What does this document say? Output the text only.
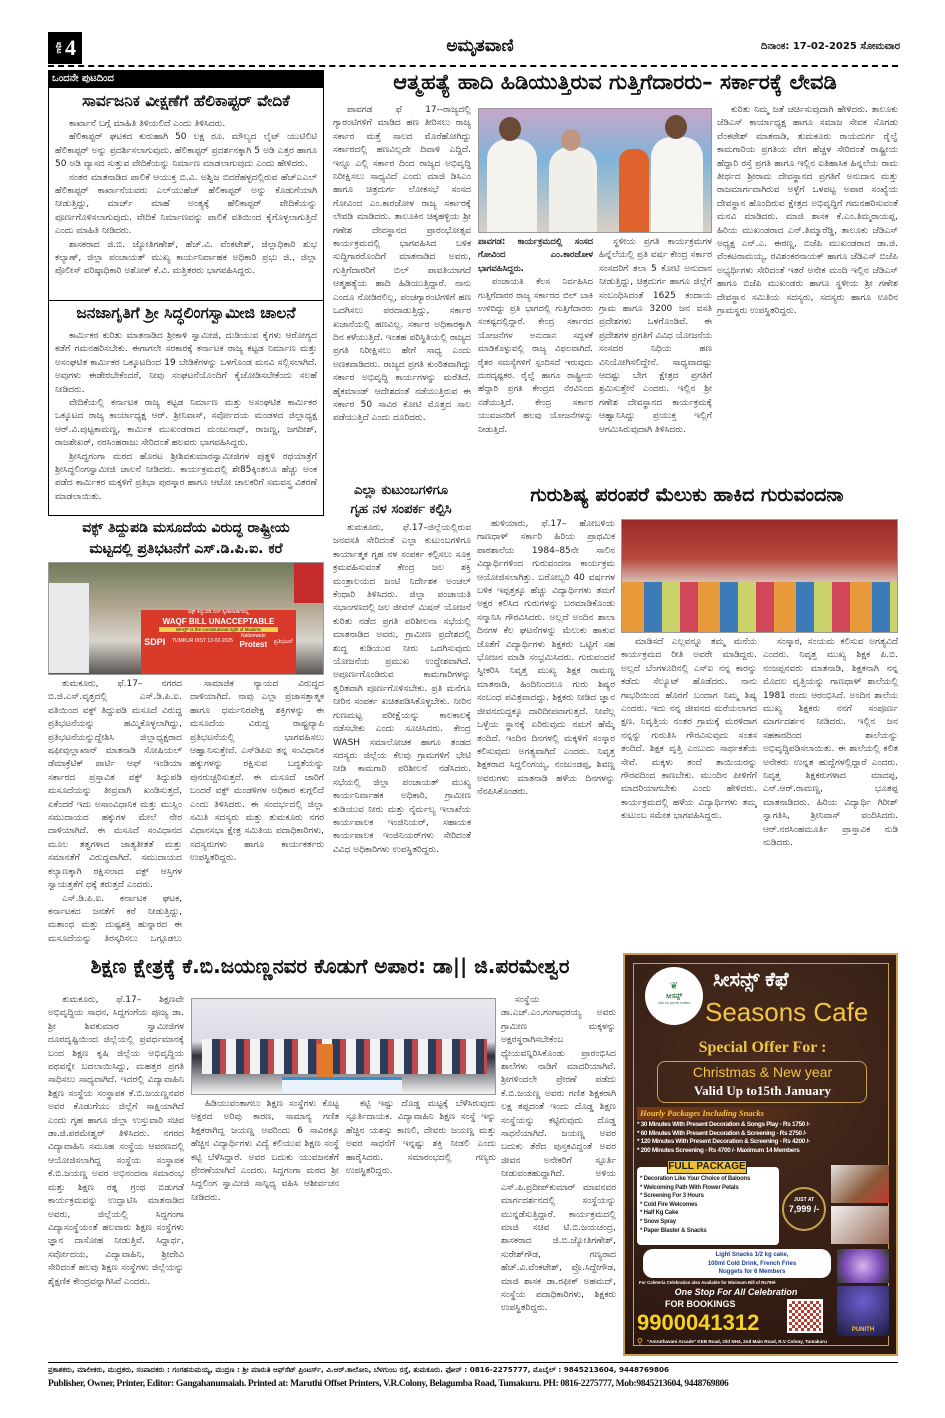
ಪುಟ 4	ಅಮೃತವಾಣಿ	ದಿನಾಂಕ: 17-02-2025 ಸೋಮವಾರ
ಒಂದನೇ ಪುಟದಿಂದ
ಸಾರ್ವಜನಿಕ ವೀಕ್ಷಣೆಗೆ ಹೆಲಿಕಾಪ್ಟರ್ ವೇದಿಕೆ

ಕಾರ್ಖಾನೆ ಬಗ್ಗೆ ಮಾಹಿತಿ ತಿಳಿಯಲಿದೆ ಎಂದು ತಿಳಿಸಿದರು.

ಹೆಲಿಕಾಪ್ಟರ್ ಘಟಕದ ಕುರುಹಾಗಿ 50 ಲಕ್ಷ ರೂ. ಮೌಲ್ಯದ ಲೈಟ್ ಯುಟಿಲಿಟಿ ಹೆಲಿಕಾಪ್ಟರ್ ಅನ್ನು ಪ್ರದರ್ಶಿಸಲಾಗುವುದು. ಹೆಲಿಕಾಪ್ಟರ್ ಪ್ರದರ್ಶನಕ್ಕಾಗಿ 5 ಅಡಿ ಎತ್ತರ ಹಾಗೂ 50 ಅಡಿ ವ್ಯಾಸದ ಸುತ್ತುವ ವೇದಿಕೆಯನ್ನು ನಿರ್ಮಾಣ ಮಾಡಲಾಗುವುದು ಎಂದು ಹೇಳಿದರು.

ನಂತರ ಮಾತನಾಡಿದ ಪಾಲಿಕೆ ಆಯುಕ್ತ ಬಿ.ವಿ. ಅಶ್ವಿಜ ಬಿದರೆಹಳ್ಳದಲ್ಲಿರುವ ಹೆಚ್‌ಎಎಲ್ ಹೆಲಿಕಾಪ್ಟರ್ ಕಾರ್ಖಾನೆಯವರು ಎಲ್‌ಯುಹೆಚ್ ಹೆಲಿಕಾಪ್ಟರ್ ಅನ್ನು ಕೊಡುಗೆಯಾಗಿ ನೀಡುತ್ತಿದ್ದು, ಮಾರ್ಚ್ ಮಾಹೆ ಅಂತ್ಯಕ್ಕೆ ಹೆಲಿಕಾಪ್ಟರ್ ವೇದಿಕೆಯನ್ನು ಪೂರ್ಣಗೊಳಿಸಲಾಗುವುದು. ವೇದಿಕೆ ನಿರ್ಮಾಣವನ್ನು ಪಾಲಿಕೆ ವತಿಯಿಂದ ಕೈಗೊಳ್ಳಲಾಗುತ್ತಿದೆ ಎಂದು ಮಾಹಿತಿ ನೀಡಿದರು.

ಶಾಸಕರಾದ ಜಿ.ಬಿ. ಜ್ಯೋತಿಗಣೇಶ್, ಹೆಚ್.ವಿ. ವೆಂಕಟೇಶ್, ಜಿಲ್ಲಾಧಿಕಾರಿ ಶುಭ ಕಲ್ಯಾಣ್, ಜಿಲ್ಲಾ ಪಂಚಾಯತ್ ಮುಖ್ಯ ಕಾರ್ಯನಿರ್ವಾಹಕ ಅಧಿಕಾರಿ ಪ್ರಭು ಜಿ., ಜಿಲ್ಲಾ ಪೊಲೀಸ್ ವರಿಷ್ಠಾಧಿಕಾರಿ ಅಶೋಕ್ ಕೆ.ವಿ. ಮತ್ತಿತರರು ಭಾಗವಹಿಸಿದ್ದರು.

ಜನಜಾಗೃತಿಗೆ ಶ್ರೀ ಸಿದ್ಧಲಿಂಗಸ್ವಾಮೀಜಿ ಚಾಲನೆ

ಕಾರ್ಮಿಕರ ಕುರಿತು ಮಾತನಾಡಿದ ಶ್ರೀಕಾಳಿ ಸ್ವಾಮೀಜಿ, ದುಡಿಯುವ ಕೈಗಳು ಆರೋಗ್ಯದ ಕಡೆಗೆ ಗಮನಹರಿಸಬೇಕು. ಈಗಾಗಲೇ ಸರಕಾರಕ್ಕೆ ಕರ್ನಾಟಕ ರಾಜ್ಯ ಕಟ್ಟಡ ನಿರ್ಮಾಣ ಮತ್ತು ಅಸಂಘಟಿತ ಕಾರ್ಮಿಕರ ಒಕ್ಕೂಟದಿಂದ 19 ಬೇಡಿಕೆಗಳನ್ನು ಒಳಗೊಂಡ ಮನವಿ ಸಲ್ಲಿಸಲಾಗಿದೆ. ಅವುಗಳು ಈಡೇರಬೇಕೆಂದರೆ, ನೀವು ಸಂಘಟನೆಯೊಂದಿಗೆ ಕೈಜೋಡಿಸಬೇಕೆಂದು ಸಲಹೆ ನೀಡಿದರು.

ವೇದಿಕೆಯಲ್ಲಿ ಕರ್ನಾಟಕ ರಾಜ್ಯ ಕಟ್ಟಡ ನಿರ್ಮಾಣ ಮತ್ತು ಅಸಂಘಟಿತ ಕಾರ್ಮಿಕರ ಒಕ್ಕೂಟದ ರಾಜ್ಯ ಕಾರ್ಯಾಧ್ಯಕ್ಷ ಆರ್. ಶ್ರೀನಿವಾಸ್, ಸರ್ವೋದಯ ಮಂಡಳದ ಜಿಲ್ಲಾಧ್ಯಕ್ಷ ಆರ್.ವಿ.ಪುಟ್ಟಕಾಮಣ್ಣ, ಕಾರ್ಮಿಕ ಮುಖಂಡರಾದ ಮಂಜುನಾಥ್, ರಾಜಣ್ಣ, ಜಗದೀಶ್, ರಾಜಶೇಖರ್, ನರಸಿಂಹರಾಜು ಸೇರಿದಂತೆ ಹಲವರು ಭಾಗವಹಿಸಿದ್ದರು.

ಶ್ರೀಸಿದ್ಧಗಂಗಾ ಮಠದ ಹೊರಟ ಶ್ರೀಶಿವಕುಮಾರಸ್ವಾಮೀಜಿಗಳ ಪುತ್ಥಳಿ ರಥಯಾತ್ರೆಗೆ ಶ್ರೀಸಿದ್ಧಲಿಂಗಸ್ವಾಮೀಜಿ ಚಾಲನೆ ನೀಡಿದರು. ಕಾರ್ಯಕ್ರಮದಲ್ಲಿ ಶೇ85ಕ್ಕಿಂತಲೂ ಹೆಚ್ಚು ಅಂಕ ಪಡೆದ ಕಾರ್ಮಿಕರ ಮಕ್ಕಳಿಗೆ ಪ್ರತಿಭಾ ಪುರಸ್ಕಾರ ಹಾಗೂ ಆಟೋ ಚಾಲಕರಿಗೆ ಸಮವಸ್ತ್ರ ವಿತರಣೆ ಮಾಡಲಾಯಿತು.

ವಕ್ಫ್ ತಿದ್ದುಪಡಿ ಮಸೂದೆಯ ವಿರುದ್ಧ ರಾಷ್ಟ್ರೀಯ
ಮಟ್ಟದಲ್ಲಿ ಪ್ರತಿಭಟನೆಗೆ ಎಸ್.ಡಿ.ಪಿ.ಐ. ಕರೆ
ವಕ್ಫ್ ತಿದ್ದುಪಡಿ ಬಿಲ್ ಸ್ವೀಕಾರಾರ್ಹವಲ್ಲ
WAQF BILL UNACCEPTABLE
WAQF is the constitutional right of Muslims
SDPI TUMKUR DIST 13-02-2025
Nationwide
Protest ಪ್ರತಿಭಟನೆ

ತುಮಕೂರು, ಫೆ.17– ನಗರದ ಬಿ.ಜಿ.ಎಸ್.ವೃತ್ತದಲ್ಲಿ ಎಸ್.ಡಿ.ಪಿ.ಐ. ವತಿಯಿಂದ ವಕ್ಫ್ ತಿದ್ದುಪಡಿ ಮಸೂದೆ ವಿರುದ್ಧ ಪ್ರತಿಭಟನೆಯನ್ನು ಹಮ್ಮಿಕೊಳ್ಳಲಾಗಿದ್ದು, ಪ್ರತಿಭಟನೆಯನ್ನುದ್ದೇಶಿಸಿ ಜಿಲ್ಲಾಧ್ಯಕ್ಷರಾದ ಷಫೀವುಲ್ಲಾಖಾನ್ ಮಾತನಾಡಿ ಸೋಷಿಯಲ್ ಡೆಮಾಕ್ರೆಟಿಕ್ ಪಾರ್ಟಿ ಆಫ್ ಇಂಡಿಯಾ ಸರ್ಕಾರದ ಪ್ರಸ್ತಾವಿತ ವಕ್ಫ್ ತಿದ್ದುಪಡಿ ಮಸೂದೆಯನ್ನು ತೀವ್ರವಾಗಿ ಖಂಡಿಸುತ್ತದೆ, ಏಕೆಂದರೆ ಇದು ಅಸಾಂವಿಧಾನಿಕ ಮತ್ತು ಮುಸ್ಲಿಂ ಸಮುದಾಯದ ಹಕ್ಕುಗಳ ಮೇಲೆ ನೇರ ದಾಳಿಯಾಗಿದೆ. ಈ ಮಸೂದೆ ಸಂವಿಧಾನದ ಮೂಲ ತತ್ವಗಳಾದ ಜಾತ್ಯತೀತತೆ ಮತ್ತು ಸಮಾನತೆಗೆ ವಿರುದ್ಧವಾಗಿದೆ. ಸಮುದಾಯದ ಕಲ್ಯಾಣಕ್ಕಾಗಿ ರಕ್ಷಿಸಲಾದ ವಕ್ಫ್ ಆಸ್ತಿಗಳ ಸ್ವಾಯತ್ತತೆಗೆ ಧಕ್ಕೆ ತರುತ್ತದೆ ಎಂದರು.

ಎಸ್.ಡಿ.ಪಿ.ಐ. ಕರ್ನಾಟಕ ಘಟಕ, ಕರ್ನಾಟಕದ ಜನತೆಗೆ ಕರೆ ನೀಡುತ್ತಿದ್ದು, ಮತಾಂಧ ಮತ್ತು ದುಷ್ಟಶಕ್ತಿ ಹುನ್ನಾರದ ಈ ಮಸೂದೆಯನ್ನು ತಿರಸ್ಕರಿಸಲು ಒಗ್ಗೂಡಲು

ಸಾಮಾಜಿಕ ನ್ಯಾಯದ ವಿರುದ್ಧದ ದಾಳಿಯಾಗಿದೆ. ನಾವು ಎಲ್ಲಾ ಪ್ರಜಾಸತ್ತಾತ್ಮಕ ಹಾಗೂ ಧರ್ಮನಿರಪೇಕ್ಷ ಶಕ್ತಿಗಳನ್ನು ಈ ಮಸೂದೆಯ ವಿರುದ್ಧ ರಾಷ್ಟ್ರವ್ಯಾಪಿ ಪ್ರತಿಭಟನೆಯಲ್ಲಿ ಭಾಗವಹಿಸಲು ಆಹ್ವಾನಿಸುತ್ತೇವೆ. ಎಸ್‌ಡಿಪಿಐ ತನ್ನ ಸಂವಿಧಾನಿಕ ಹಕ್ಕುಗಳನ್ನು ರಕ್ಷಿಸುವ ಬದ್ಧತೆಯನ್ನು ಪುನರುಚ್ಚರಿಸುತ್ತದೆ. ಈ ಮಸೂದೆ ಜಾರಿಗೆ ಬಂದರೆ ವಕ್ಫ್ ಮಂಡಳಿಗಳ ಅಧಿಕಾರ ಕುಗ್ಗಲಿದೆ ಎಂದು ತಿಳಿಸಿದರು. ಈ ಸಂದರ್ಭದಲ್ಲಿ ಜಿಲ್ಲಾ ಸಮಿತಿ ಸದಸ್ಯರು ಮತ್ತು ತುಮಕೂರು ನಗರ ವಿಧಾನಸಭಾ ಕ್ಷೇತ್ರ ಸಮಿತಿಯ ಪದಾಧಿಕಾರಿಗಳು, ಸದಸ್ಯರುಗಳು ಹಾಗೂ ಕಾರ್ಯಕರ್ತರು ಉಪಸ್ಥಿತರಿದ್ದರು.

ಆತ್ಮಹತ್ಯೆ ಹಾದಿ ಹಿಡಿಯುತ್ತಿರುವ ಗುತ್ತಿಗೆದಾರರು– ಸರ್ಕಾರಕ್ಕೆ ಲೇವಡಿ

ಪಾವಗಡ ಫೆ 17--ರಾಜ್ಯದಲ್ಲಿ ಗ್ಯಾರಂಟಿಗಳಿಗೆ ಮಾಡಿದ ಹಣ ತೀರಿಸಲು ರಾಜ್ಯ ಸರ್ಕಾರ ಮತ್ತೆ ಸಾಲದ ಮೊರೆಹೋಗಿದ್ದು ಸರ್ಕಾರದಲ್ಲಿ ಹಣವಿಲ್ಲದೇ ದಿವಾಳಿ ಎದ್ದಿದೆ. ಇನ್ನೂ ಎಲ್ಲಿ ಸರ್ಕಾರ ದಿಂದ ರಾಜ್ಯದ ಅಭಿವೃದ್ಧಿ ನಿರೀಕ್ಷಿಸಲು ಸಾಧ್ಯವಿದೆ ಎಂದು ಮಾಜಿ ಡಿಸಿಎಂ ಹಾಗೂ ಚಿತ್ರದುರ್ಗ ಲೋಕಸಭೆ ಸಂಸದ ಗೋವಿಂದ ಎಂ.ಕಾರಜೋಳ ರಾಜ್ಯ ಸರ್ಕಾರಕ್ಕೆ ಲೇವಡಿ ಮಾಡಿದರು. ತಾಲೂಕಿನ ಚಿಕ್ಕಹಳ್ಳಿಯ ಶ್ರೀ ಗಣೇಶ ದೇವಸ್ಥಾನದ ಪ್ರಾರಂಭೋತ್ಸವ ಕಾರ್ಯಕ್ರಮದಲ್ಲಿ ಭಾಗವಹಿಸಿದ ಬಳಿಕ ಸುದ್ದಿಗಾರರೊಂದಿಗೆ ಮಾತನಾಡಿದ ಅವರು, ಗುತ್ತಿಗೆದಾರರಿಗೆ ಬಿಲ್ ಪಾವತಿಯಾಗದೆ ಆತ್ಮಹತ್ಯೆಯ ಹಾದಿ ಹಿಡಿಯುತ್ತಿದ್ದಾರೆ. ನಾನು ಎಂದೂ ನೋಡಿರಲಿಲ್ಲ, ಪಂಚಗ್ಯಾರಂಟಿಗಳಿಗೆ ಹಣ ಒದಗಿಸಲು ಪರದಾಡುತ್ತಿದ್ದು, ಸರ್ಕಾರ ಖಜಾನೆಯಲ್ಲಿ ಹಣವಿಲ್ಲ. ಸರ್ಕಾರ ಅಧಿಕಾರಕ್ಕಾಗಿ ದಿನ ಕಳೆಯುತ್ತಿದೆ. ಇಂತಹ ಪರಿಸ್ಥಿತಿಯಲ್ಲಿ ರಾಜ್ಯದ ಪ್ರಗತಿ ನಿರೀಕ್ಷಿಸಲು ಹೇಗೆ ಸಾಧ್ಯ ಎಂದು ಅಣಕವಾಡಿದರು. ರಾಜ್ಯದ ಪ್ರಗತಿ ಕುಂಠಿತವಾಗಿದ್ದು ಸರ್ಕಾರ ಅಭಿವೃದ್ಧಿ ಕಾರ್ಯಗಳನ್ನು ಮರೆತಿದೆ. ಹೈಕಮಾಂಡ್ ಆದೇಶದಂತೆ ನಡೆಯುತ್ತಿರುವ ಈ ಸರ್ಕಾರ 50 ಸಾವಿರ ಕೋಟಿ ಮೊತ್ತದ ಸಾಲ ಪಡೆಯುತ್ತಿದೆ ಎಂದು ದೂರಿದರು.

ಪಾವಗಡ: ಕಾರ್ಯಕ್ರಮದಲ್ಲಿ ಸಂಸದ ಗೋವಿಂದ ಎಂ.ಕಾರಜೋಳ ಭಾಗವಹಿಸಿದ್ದರು.

ಪಂಚಾಯತಿ ಕೆಲಸ ನಿರ್ವಹಿಸಿದ ಗುತ್ತಿಗೆದಾರರ ರಾಜ್ಯ ಸರ್ಕಾರದ ಬಿಲ್ ಬಾಕಿ ಉಳಿದಿದ್ದು ಪ್ರತಿ ಭಾಗದಲ್ಲಿ ಗುತ್ತಿಗೆದಾರರು ಸಂಕಷ್ಟದಲ್ಲಿದ್ದಾರೆ. ಕೇಂದ್ರ ಸರ್ಕಾರದ ಯೋಜನೆಗಳ ಅನುದಾನ ಸದ್ಬಳಕೆ ಮಾಡಿಕೊಳ್ಳುವಲ್ಲಿ ರಾಜ್ಯ ವಿಫಲವಾಗಿದೆ. ರೈತರ ಸಮಸ್ಯೆಗಳಿಗೆ ಸ್ಪಂದಿಸದೆ ಇರುವುದು ದುರದೃಷ್ಟಕರ. ರೈಲ್ವೆ ಹಾಗೂ ರಾಷ್ಟ್ರೀಯ ಹೆದ್ದಾರಿ ಪ್ರಗತಿ ಕೇಂದ್ರದ ನೆರವಿನಿಂದ ನಡೆಯುತ್ತಿದೆ. ಕೇಂದ್ರ ಸರ್ಕಾರ ಯುವಜನರಿಗೆ ಹಲವು ಯೋಜನೆಗಳನ್ನು ನೀಡುತ್ತಿದೆ.

ಸ್ಥಳೀಯ ಪ್ರಗತಿ ಕಾರ್ಯಕ್ರಮಗಳ ಹಿನ್ನೆಲೆಯಲ್ಲಿ ಪ್ರತಿ ವರ್ಷ ಕೇಂದ್ರ ಸರ್ಕಾರ ಸಂಸದರಿಗೆ ತಲಾ 5 ಕೋಟಿ ಅನುದಾನ ನೀಡುತ್ತಿದ್ದು, ಚಿತ್ರದುರ್ಗ ಹಾಗೂ ಜಿಲ್ಲೆಗೆ ಸಂಬಂಧಿಸಿದಂತೆ 1625 ಕಂದಾಯ ಗ್ರಾಮ ಹಾಗೂ 3200 ಜನ ವಸತಿ ಪ್ರದೇಶಗಳು ಒಳಗೊಂಡಿವೆ. ಈ ಪ್ರದೇಶಗಳ ಪ್ರಗತಿಗೆ ವಿವಿಧ ಯೋಜನೆಯ ಸಂಸದರ ನಿಧಿಯ ಹಣ ವಿನಿಯೋಗಿಸಲಿದ್ದೇನೆ. ಸಾಧ್ಯವಾದಷ್ಟು ಆದಷ್ಟು ಬೇಗ ಕ್ಷೇತ್ರದ ಪ್ರಗತಿಗೆ ಶ್ರಮಿಸುತ್ತೇನೆ ಎಂದರು. ಇಲ್ಲಿನ ಶ್ರೀ ಗಣೇಶ ದೇವಸ್ಥಾನದ ಕಾರ್ಯಕ್ರಮಕ್ಕೆ ಆಹ್ವಾನಿಸಿದ್ದು ಪ್ರಯುಕ್ತ ಇಲ್ಲಿಗೆ ಆಗಮಿಸಿರುವುದಾಗಿ ತಿಳಿಸಿದರು.

ಕುರಿತು ನಿಮ್ಮ ಜತೆ ಚರ್ಚಿಸುವುದಾಗಿ ಹೇಳಿದರು. ತಾಲೂಕು ಜೆಡಿಎಸ್ ಕಾರ್ಯಾಧ್ಯಕ್ಷ ಹಾಗೂ ಸಮಾಜ ಸೇವಕ ಸೊಗಡು ವೆಂಕಟೇಶ್ ಮಾತನಾಡಿ, ತುಮಕೂರು ರಾಯದುರ್ಗ ರೈಲ್ವೆ ಕಾಮಗಾರಿಯ ಪ್ರಗತಿಯ ವೇಗ ಹೆಚ್ಚಳ ಸೇರಿದಂತೆ ರಾಷ್ಟ್ರೀಯ ಹೆದ್ದಾರಿ ರಸ್ತೆ ಪ್ರಗತಿ ಹಾಗೂ ಇಲ್ಲಿನ ಐತಿಹಾಸಿಕ ಹಿನ್ನಲೆಯ ರಾಮ ತೀರ್ಥದ ಶ್ರೀರಾಮ ದೇವಸ್ಥಾನದ ಪ್ರಗತಿಗೆ ಅನುದಾನ ಮತ್ತು ರಾಜಮಾರ್ಗವಾಗಿರುವ ಅಳ್ಳೆಗೆ ಒಳಪಟ್ಟ ಅಪಾರ ಸಂಖ್ಯೆಯ ದೇವಸ್ಥಾನ ಹೊಂದಿರುವ ಕ್ಷೇತ್ರದ ಅಭಿವೃದ್ಧಿಗೆ ಗಮನಹರಿಸುವಂತೆ ಮನವಿ ಮಾಡಿದರು. ಮಾಜಿ ಶಾಸಕ ಕೆ.ಎಂ.ತಿಮ್ಮರಾಯಪ್ಪ, ಹಿರಿಯ ಮುಖಂಡರಾದ ಎನ್.ತಿಮ್ಮಾರೆಡ್ಡಿ, ತಾಲೂಕು ಜೆಡಿಎಸ್ ಅಧ್ಯಕ್ಷ ಎನ್.ಎ. ಈರಣ್ಣ, ಬಿಜೆಪಿ ಮುಖಂಡರಾದ ಡಾ.ಜಿ. ವೆಂಕಟರಾಮಯ್ಯ, ರವಿಶಂಕರನಾಯಕ್ ಹಾಗೂ ಜೆಡಿಎಸ್ ಬಿಜೆಪಿ ಅಭ್ಯರ್ಥಿಗಳು ಸೇರಿದಂತೆ ಇತರೆ ಅನೇಕ ಮಂದಿ ಇಲ್ಲಿನ ಜೆಡಿಎಸ್ ಹಾಗೂ ಬಿಜೆಪಿ ಮುಖಂಡರು ಹಾಗೂ ಸ್ಥಳೀಯ ಶ್ರೀ ಗಣೇಶ ದೇವಸ್ಥಾನ ಸಮಿತಿಯ ಸದಸ್ಯರು, ಸದಸ್ಯರು ಹಾಗೂ ಊರಿನ ಗ್ರಾಮಸ್ಥರು ಉಪಸ್ಥಿತರಿದ್ದರು.

ಎಲ್ಲಾ ಕುಟುಂಬಗಳಿಗೂ
ಗೃಹ ನಳ ಸಂಪರ್ಕ ಕಲ್ಪಿಸಿ

ತುಮಕೂರು, ಫೆ.17–ಜಿಲ್ಲೆಯಲ್ಲಿರುವ ಜನವಸತಿ ಸೇರಿದಂತೆ ಎಲ್ಲಾ ಕುಟುಂಬಗಳಿಗೂ ಕಾರ್ಯಾತ್ಮಕ ಗೃಹ ನಳ ಸಂಪರ್ಕ ಕಲ್ಪಿಸಲು ಸೂಕ್ತ ಕ್ರಮವಹಿಸುವಂತೆ ಕೇಂದ್ರ ಜಲ ಶಕ್ತಿ ಮಂತ್ರಾಲಯದ ಜಂಟಿ ನಿರ್ದೇಶಕ ಅಂಚಲ್ ಕೆಂಧಾರಿ ತಿಳಿಸಿದರು. ಜಿಲ್ಲಾ ಪಂಚಾಯತಿ ಸಭಾಂಗಣದಲ್ಲಿ ಜಲ ಜೀವನ್ ಮಿಷನ್ ಯೋಜನೆ ಕುರಿತು ನಡೆದ ಪ್ರಗತಿ ಪರಿಶೀಲನಾ ಸಭೆಯಲ್ಲಿ ಮಾತನಾಡಿದ ಅವರು, ಗ್ರಾಮೀಣ ಪ್ರದೇಶದಲ್ಲಿ ಶುದ್ಧ ಕುಡಿಯುವ ನೀರು ಒದಗಿಸುವುದು ಯೋಜನೆಯ ಪ್ರಮುಖ ಉದ್ದೇಶವಾಗಿದೆ. ಅಪೂರ್ಣಗೊಂಡಿರುವ ಕಾಮಗಾರಿಗಳನ್ನು ತ್ವರಿತವಾಗಿ ಪೂರ್ಣಗೊಳಿಸಬೇಕು. ಪ್ರತಿ ಮನೆಗೂ ನೀರಿನ ಸಂಪರ್ಕ ಖಚಿತಪಡಿಸಿಕೊಳ್ಳಬೇಕು. ನೀರಿನ ಗುಣಮಟ್ಟ ಪರೀಕ್ಷೆಯನ್ನು ಕಾಲಕಾಲಕ್ಕೆ ನಡೆಸಬೇಕು ಎಂದು ಸೂಚಿಸಿದರು. ಕೇಂದ್ರ WASH ಸಮಾಲೋಚಕ ಹಾಗೂ ತಂಡದ ಸದಸ್ಯರು ಜಿಲ್ಲೆಯ ಕೆಲವು ಗ್ರಾಮಗಳಿಗೆ ಭೇಟಿ ನೀಡಿ ಕಾಮಗಾರಿ ಪರಿಶೀಲನೆ ನಡೆಸಿದರು. ಸಭೆಯಲ್ಲಿ ಜಿಲ್ಲಾ ಪಂಚಾಯತ್ ಮುಖ್ಯ ಕಾರ್ಯನಿರ್ವಾಹಕ ಅಧಿಕಾರಿ, ಗ್ರಾಮೀಣ ಕುಡಿಯುವ ನೀರು ಮತ್ತು ನೈರ್ಮಲ್ಯ ಇಲಾಖೆಯ ಕಾರ್ಯಪಾಲಕ ಇಂಜಿನಿಯರ್, ಸಹಾಯಕ ಕಾರ್ಯಪಾಲಕ ಇಂಜಿನಿಯರ್‌ಗಳು ಸೇರಿದಂತೆ ವಿವಿಧ ಅಧಿಕಾರಿಗಳು ಉಪಸ್ಥಿತರಿದ್ದರು.

ಗುರುಶಿಷ್ಯ ಪರಂಪರೆ ಮೆಲುಕು ಹಾಕಿದ ಗುರುವಂದನಾ

ಹುಳಿಯಾರು, ಫೆ.17– ಹೋಬಳಿಯ ಗಾಣಧಾಳ್ ಸರ್ಕಾರಿ ಹಿರಿಯ ಪ್ರಾಥಮಿಕ ಪಾಠಶಾಲೆಯ 1984–85ನೇ ಸಾಲಿನ ವಿದ್ಯಾರ್ಥಿಗಳಿಂದ ಗುರುವಂದನಾ ಕಾರ್ಯಕ್ರಮ ಆಯೋಜಿಸಲಾಗಿತ್ತು. ಬರೋಬ್ಬರಿ 40 ವರ್ಷಗಳ ಬಳಿಕ ಇಪ್ಪತ್ತಕ್ಕೂ ಹೆಚ್ಚು ವಿದ್ಯಾರ್ಥಿಗಳು ತಮಗೆ ಅಕ್ಷರ ಕಲಿಸಿದ ಗುರುಗಳನ್ನು ಬರಮಾಡಿಕೊಂಡು ಸನ್ಮಾನಿಸಿ ಗೌರವಿಸಿದರು. ಅಲ್ಲದೆ ಅಂದಿನ ಶಾಲಾ ದಿನಗಳ ಕೆಲ ಘಟನೆಗಳನ್ನು ಮೆಲುಕು ಹಾಕುವ ಜೊತೆಗೆ ವಿದ್ಯಾರ್ಥಿಗಳು ಶಿಕ್ಷಕರು ಒಟ್ಟಿಗೆ ಸಹ ಭೋಜನ ಮಾಡಿ ಸಂಭ್ರಮಿಸಿದರು. ಗುರುವಂದನೆ ಸ್ವೀಕರಿಸಿ ನಿವೃತ್ತ ಮುಖ್ಯ ಶಿಕ್ಷಕ ರಾಮಣ್ಣ ಮಾತನಾಡಿ, ಹಿಂದಿನಿಂದಲೂ ಗುರು ಶಿಷ್ಯರ ಸಂಬಂಧ ಪವಿತ್ರವಾದದ್ದು. ಶಿಕ್ಷಕರು ನೀಡಿದ ಜ್ಞಾನ ಜೀವನದುದ್ದಕ್ಕೂ ದಾರಿದೀಪವಾಗುತ್ತದೆ. ನೀವೆಲ್ಲ ಒಳ್ಳೆಯ ಸ್ಥಾನಕ್ಕೆ ಏರಿರುವುದು ನಮಗೆ ಹೆಮ್ಮೆ ತಂದಿದೆ. ಇಂದಿನ ದಿನಗಳಲ್ಲಿ ಮಕ್ಕಳಿಗೆ ಸಂಸ್ಕಾರ ಕಲಿಸುವುದು ಅಗತ್ಯವಾಗಿದೆ ಎಂದರು. ನಿವೃತ್ತ ಶಿಕ್ಷಕರಾದ ಸಿದ್ದಲಿಂಗಯ್ಯ, ನಂಜುಂಡಪ್ಪ, ಶಿವಣ್ಣ ಅವರುಗಳು ಮಾತನಾಡಿ ಹಳೆಯ ದಿನಗಳನ್ನು ನೆನಪಿಸಿಕೊಂಡರು.

ಮಾಡಿಸದೆ ಎಲ್ಲವನ್ನೂ ತಮ್ಮ ಮನೆಯ ಕಾರ್ಯಕ್ರಮದ ರೀತಿ ಅವರೇ ಮಾಡಿದ್ದರು. ಅಲ್ಲದೆ ಬೆಂಗಳೂರಿನಲ್ಲಿ ಎಸ್‌ಐ ನನ್ನ ಕಾರನ್ನು ಕಡೆದು ಸೆಲ್ಯೂಟ್ ಹೊಡೆದರು. ನಾನು ಗಾಭರಿಯಿಂದ ಹೊರಗೆ ಬಂದಾಗ ನಿಮ್ಮ ಶಿಷ್ಯ ಎಂದರು. ಇದು ನನ್ನ ಜೀವನದ ಮರೆಯಲಾಗದ ಕ್ಷಣ. ನಿವೃತ್ತಿಯ ನಂತರ ಗ್ರಾಮಕ್ಕೆ ಮರಳಿದಾಗ ನನ್ನನ್ನು ಗುರುತಿಸಿ ಗೌರವಿಸುವುದು ಸಂತಸ ತಂದಿದೆ. ಶಿಕ್ಷಕ ವೃತ್ತಿ ಎಂಬುದು ಸಾರ್ಥಕತೆಯ ಸೇವೆ. ಮಕ್ಕಳು ತಂದೆ ತಾಯಿಯರನ್ನು ಗೌರವದಿಂದ ಕಾಣಬೇಕು. ಮುಂದಿನ ಪೀಳಿಗೆಗೆ ಮಾದರಿಯಾಗಬೇಕು ಎಂದು ಹೇಳಿದರು. ಕಾರ್ಯಕ್ರಮದಲ್ಲಿ ಹಳೆಯ ವಿದ್ಯಾರ್ಥಿಗಳು ತಮ್ಮ ಕುಟುಂಬ ಸಮೇತ ಭಾಗವಹಿಸಿದ್ದರು.

ಸಂಸ್ಕಾರ, ಸಂಯಮ ಕಲಿಸುವ ಅಗತ್ಯವಿದೆ ಎಂದರು. ನಿವೃತ್ತ ಮುಖ್ಯ ಶಿಕ್ಷಕ ಪಿ.ಬಿ. ನಂಜಪ್ಪನವರು ಮಾತನಾಡಿ, ಶಿಕ್ಷಕನಾಗಿ ನನ್ನ ಮೊದಲ ವೃತ್ತಿಯನ್ನು ಗಾಣಧಾಳ್ ಶಾಲೆಯಲ್ಲಿ 1981 ರಂದು ಆರಂಭಿಸಿದೆ. ಅಂದಿನ ಶಾಲೆಯ ಮುಖ್ಯ ಶಿಕ್ಷಕರು ನನಗೆ ಸಂಪೂರ್ಣ ಮಾರ್ಗದರ್ಶನ ನೀಡಿದರು. ಇಲ್ಲಿನ ಜನ ಸಹಕಾರದಿಂದ ಶಾಲೆಯನ್ನು ಅಭಿವೃದ್ಧಿಪಡಿಸಲಾಯಿತು. ಈ ಶಾಲೆಯಲ್ಲಿ ಕಲಿತ ಅನೇಕರು ಉನ್ನತ ಹುದ್ದೆಗಳಲ್ಲಿದ್ದಾರೆ ಎಂದರು. ನಿವೃತ್ತ ಶಿಕ್ಷಕರುಗಳಾದ ಮಾದಪ್ಪ, ಎನ್.ಆರ್.ರಾಮಣ್ಣ, ಭೂತಪ್ಪ ಮಾತನಾಡಿದರು. ಹಿರಿಯ ವಿದ್ಯಾರ್ಥಿ ಗಿರೀಶ್ ಸ್ವಾಗತಿಸಿ, ಶ್ರೀನಿವಾಸ್ ವಂದಿಸಿದರು. ಆರ್.ನರಸಿಂಹಮೂರ್ತಿ ಪ್ರಾಸ್ತಾವಿಕ ನುಡಿ ನುಡಿದರು.

ಶಿಕ್ಷಣ ಕ್ಷೇತ್ರಕ್ಕೆ ಕೆ.ಬಿ.ಜಯಣ್ಣನವರ ಕೊಡುಗೆ ಅಪಾರ: ಡಾ|| ಜಿ.ಪರಮೇಶ್ವರ

ತುಮಕೂರು, ಫೆ.17– ಶಿಕ್ಷಣವೇ ಅಭಿವೃದ್ಧಿಯ ಸಾಧನ, ಸಿದ್ದಗಂಗೆಯ ಪೂಜ್ಯ ಡಾ. ಶ್ರೀ ಶಿವಕುಮಾರ ಸ್ವಾಮೀಜಿಗಳ ದೂರದೃಷ್ಟಿಯಿಂದ ಜಿಲ್ಲೆಯಲ್ಲಿ ಪ್ರವರ್ಧಮಾನಕ್ಕೆ ಬಂದ ಶಿಕ್ಷಣ ಕೃಷಿ ಜಿಲ್ಲೆಯ ಅಭಿವೃದ್ಧಿಯ ಪಥವನ್ನೇ ಬದಲಾಯಿಸಿದ್ದು, ಮಹತ್ತರ ಪ್ರಗತಿ ಸಾಧಿಸಲು ಸಾಧ್ಯವಾಗಿದೆ. ಇದರಲ್ಲಿ ವಿದ್ಯಾವಾಹಿನಿ ಶಿಕ್ಷಣ ಸಂಸ್ಥೆಯ ಸಂಸ್ಥಾಪಕ ಕೆ.ಬಿ.ಜಯಣ್ಣನವರ ಅವರ ಕೊಡುಗೆಯು ಜಿಲ್ಲೆಗೆ ಸಾಕ್ಷಿಯಾಗಿದೆ ಎಂದು ಗೃಹ ಹಾಗೂ ಜಿಲ್ಲಾ ಉಸ್ತುವಾರಿ ಸಚಿವ ಡಾ.ಜಿ.ಪರಮೇಶ್ವರ್ ತಿಳಿಸಿದರು. ನಗರದ ವಿದ್ಯಾವಾಹಿನಿ ಸಮೂಹ ಸಂಸ್ಥೆಯ ಆವರಣದಲ್ಲಿ ಆಯೋಜಿಸಲಾಗಿದ್ದ ಸಂಸ್ಥೆಯ ಸಂಸ್ಥಾಪಕ ಕೆ.ಬಿ.ಜಯಣ್ಣ ಅವರ ಅಭಿನಂದನಾ ಸಮಾರಂಭ ಮತ್ತು ಶಿಕ್ಷಣ ರತ್ನ ಗ್ರಂಥ ಬಿಡುಗಡೆ ಕಾರ್ಯಕ್ರಮವನ್ನು ಉದ್ಘಾಟಿಸಿ ಮಾತನಾಡಿದ ಅವರು, ಜಿಲ್ಲೆಯಲ್ಲಿ ಸಿದ್ದಗಂಗಾ ವಿದ್ಯಾಸಂಸ್ಥೆಯಂತೆ ಹಲವಾರು ಶಿಕ್ಷಣ ಸಂಸ್ಥೆಗಳು ಜ್ಞಾನ ದಾಸೋಹ ನೀಡುತ್ತಿವೆ. ಸಿದ್ದಾರ್ಥ, ಸರ್ವೋದಯ, ವಿದ್ಯಾವಾಹಿನಿ, ಶ್ರೀದೇವಿ ಸೇರಿದಂತೆ ಹಲವು ಶಿಕ್ಷಣ ಸಂಸ್ಥೆಗಳು ಜಿಲ್ಲೆಯನ್ನು ಶೈಕ್ಷಣಿಕ ಕೇಂದ್ರವನ್ನಾಗಿಸಿವೆ ಎಂದರು.

ಹಿಡಿಯುವಂತಾಗಲು ಶಿಕ್ಷಣ ಸಂಸ್ಥೆಗಳು ಕೊಟ್ಟ ಅಕ್ಷರದ ಅರಿವು ಕಾರಣ, ಸಾಮಾನ್ಯ ಗಣಿತ ಶಿಕ್ಷಕರಾಗಿದ್ದ ಜಯಣ್ಣ ಅವರಿಂದು 6 ಸಾವಿರಕ್ಕೂ ಹೆಚ್ಚಿನ ವಿದ್ಯಾರ್ಥಿಗಳು ವಿದ್ಯೆ ಕಲಿಯುವ ಶಿಕ್ಷಣ ಸಂಸ್ಥೆ ಕಟ್ಟಿ ಬೆಳೆಸಿದ್ದಾರೆ. ಅವರ ಬದುಕು ಯುವಜನತೆಗೆ ಪ್ರೇರಣೆಯಾಗಿದೆ ಎಂದರು. ಸಿದ್ದಗಂಗಾ ಮಠದ ಶ್ರೀ ಸಿದ್ದಲಿಂಗ ಸ್ವಾಮೀಜಿ ಸಾನ್ನಿಧ್ಯ ವಹಿಸಿ ಆಶೀರ್ವಚನ ನೀಡಿದರು.

ಕಟ್ಟಿ ಇಷ್ಟು ದೊಡ್ಡ ಮಟ್ಟಕ್ಕೆ ಬೆಳೆಸಿರುವುದು ಸ್ಫೂರ್ತಿದಾಯಕ. ವಿದ್ಯಾವಾಹಿನಿ ಶಿಕ್ಷಣ ಸಂಸ್ಥೆ ಇನ್ನು ಹೆಚ್ಚಿನ ಯಶಸ್ಸು ಕಾಣಲಿ, ದೇವರು ಜಯಣ್ಣ ಮತ್ತು ಅವರ ಸಾಧನೆಗೆ ಇನ್ನಷ್ಟು ಶಕ್ತಿ ನೀಡಲಿ ಎಂದು ಹಾರೈಸಿದರು. ಸಮಾರಂಭದಲ್ಲಿ ಗಣ್ಯರು ಉಪಸ್ಥಿತರಿದ್ದರು.

ಸಂಸ್ಥೆಯ ಡಾ.ಎಚ್.ಎಂ.ಗಂಗಾಧರಯ್ಯ ಅವರು ಗ್ರಾಮೀಣ ಮಕ್ಕಳನ್ನು ಅಕ್ಷರಸ್ಥರಾಗಿಸಬೇಕೆಂಬ ಧ್ಯೇಯವನ್ನಿರಿಸಿಕೊಂಡು ಪ್ರಾರಂಭಿಸಿದ ಶಾಲೆಗಳು ನಾಡಿಗೆ ಮಾದರಿಯಾಗಿವೆ. ಶ್ರೀಗಳಿಂದಲೇ ಪ್ರೇರಣೆ ಪಡೆದು ಕೆ.ಬಿ.ಜಯಣ್ಣ ಅವರು ಗಣಿತ ಶಿಕ್ಷಕರಾಗಿ ಲಕ್ಷ ತಪ್ಪದಂತೆ ಇಂದು ದೊಡ್ಡ ಶಿಕ್ಷಣ ಸಂಸ್ಥೆಯನ್ನು ಕಟ್ಟಿರುವುದು ದೊಡ್ಡ ಸಾಧನೆಯಾಗಿದೆ. ಜಯಣ್ಣ ಅವರ ಬದುಕು ತೆರೆದ ಪುಸ್ತಕವಿದ್ದಂತೆ ಅವರ ಜೀವನ ಅನೇಕರಿಗೆ ಸ್ಫೂರ್ತಿ ನೀಡುವಂತಹುದ್ದಾಗಿದೆ. ಅಳಿಯ ಎಸ್.ಪಿ.ಪ್ರದೀಪ್‌ಕುಮಾರ್ ಮಾವನವರ ಮಾರ್ಗದರ್ಶನದಲ್ಲಿ ಸಂಸ್ಥೆಯನ್ನು ಮುನ್ನಡೆಸುತ್ತಿದ್ದಾರೆ. ಕಾರ್ಯಕ್ರಮದಲ್ಲಿ ಮಾಜಿ ಸಚಿವ ಟಿ.ಬಿ.ಜಯಚಂದ್ರ, ಶಾಸಕರಾದ ಜಿ.ಬಿ.ಜ್ಯೋತಿಗಣೇಶ್, ಸುರೇಶ್‌ಗೌಡ, ಗಣ್ಯರಾದ ಹೆಚ್.ವಿ.ವೆಂಕಟೇಶ್, ಪ್ರೊ.ಸಿದ್ದೇಗೌಡ, ಮಾಜಿ ಶಾಸಕ ಡಾ.ರಫೀಕ್ ಅಹಮದ್, ಸಂಸ್ಥೆಯ ಪದಾಧಿಕಾರಿಗಳು, ಶಿಕ್ಷಕರು ಉಪಸ್ಥಿತರಿದ್ದರು.

❦
ಸೀಸನ್ಸ್
Join us you're invited
ಸೀಸನ್ಸ್ ಕೆಫೆ
Seasons Cafe
Special Offer For :
Christmas & New year
Valid Up to15th January
Hourly Packages Including Snacks
* 30 Minutes With Present Decoration & Songs Play - Rs 1750 /-
* 60 Minutes With Present Decoration & Screening - Rs 2750 /-
* 120 Minutes With Present Decoration & Screening - Rs 4200 /-
* 200 Minutes Screening - Rs 4700 /- Maximum 14 Members
FULL PACKAGE
* Decoration Like Your Choice of Baloons
* Welcoming Path With Flower Petals
* Screening For 3 Hours
* Cold Fire Welcomes
* Half Kg Cake
* Snow Spray
* Paper Blaster & Snacks
JUST AT
7,999 /-
Light Snacks 1/2 kg cake,
100ml Cold Drink, French Fries
Nuggets for 6 Members
For Cafeteria Celebration also Available for Minimum Bill of Rs799/-
One Stop For All Celebration
FOR BOOKINGS
9900041312	PUNITH
⚲ "Amruthavani Arcade" KEB Road, Old NH4, 2nd Main Road, R.V Colony, Tumakuru
ಪ್ರಕಾಶಕರು, ಮಾಲೀಕರು, ಮುದ್ರಕರು, ಸಂಪಾದಕರು : ಗಂಗಹನುಮಯ್ಯ, ಮುದ್ರಣ : ಶ್ರೀ ಮಾರುತಿ ಆಫ್‌ಸೆಟ್ ಪ್ರಿಂಟರ್ಸ್, ವಿ.ಆರ್.ಕಾಲೋನಿ, ಬೆಳಗುಂಬ ರಸ್ತೆ, ತುಮಕೂರು. ಫೋನ್ : 0816-2275777, ಮೊಬೈಲ್ : 9845213604, 9448769806
Publisher, Owner, Printer, Editor: Gangahanumaiah. Printed at: Maruthi Offset Printers, V.R.Colony, Belagumba Road, Tumakuru. PH: 0816-2275777, Mob:9845213604, 9448769806
